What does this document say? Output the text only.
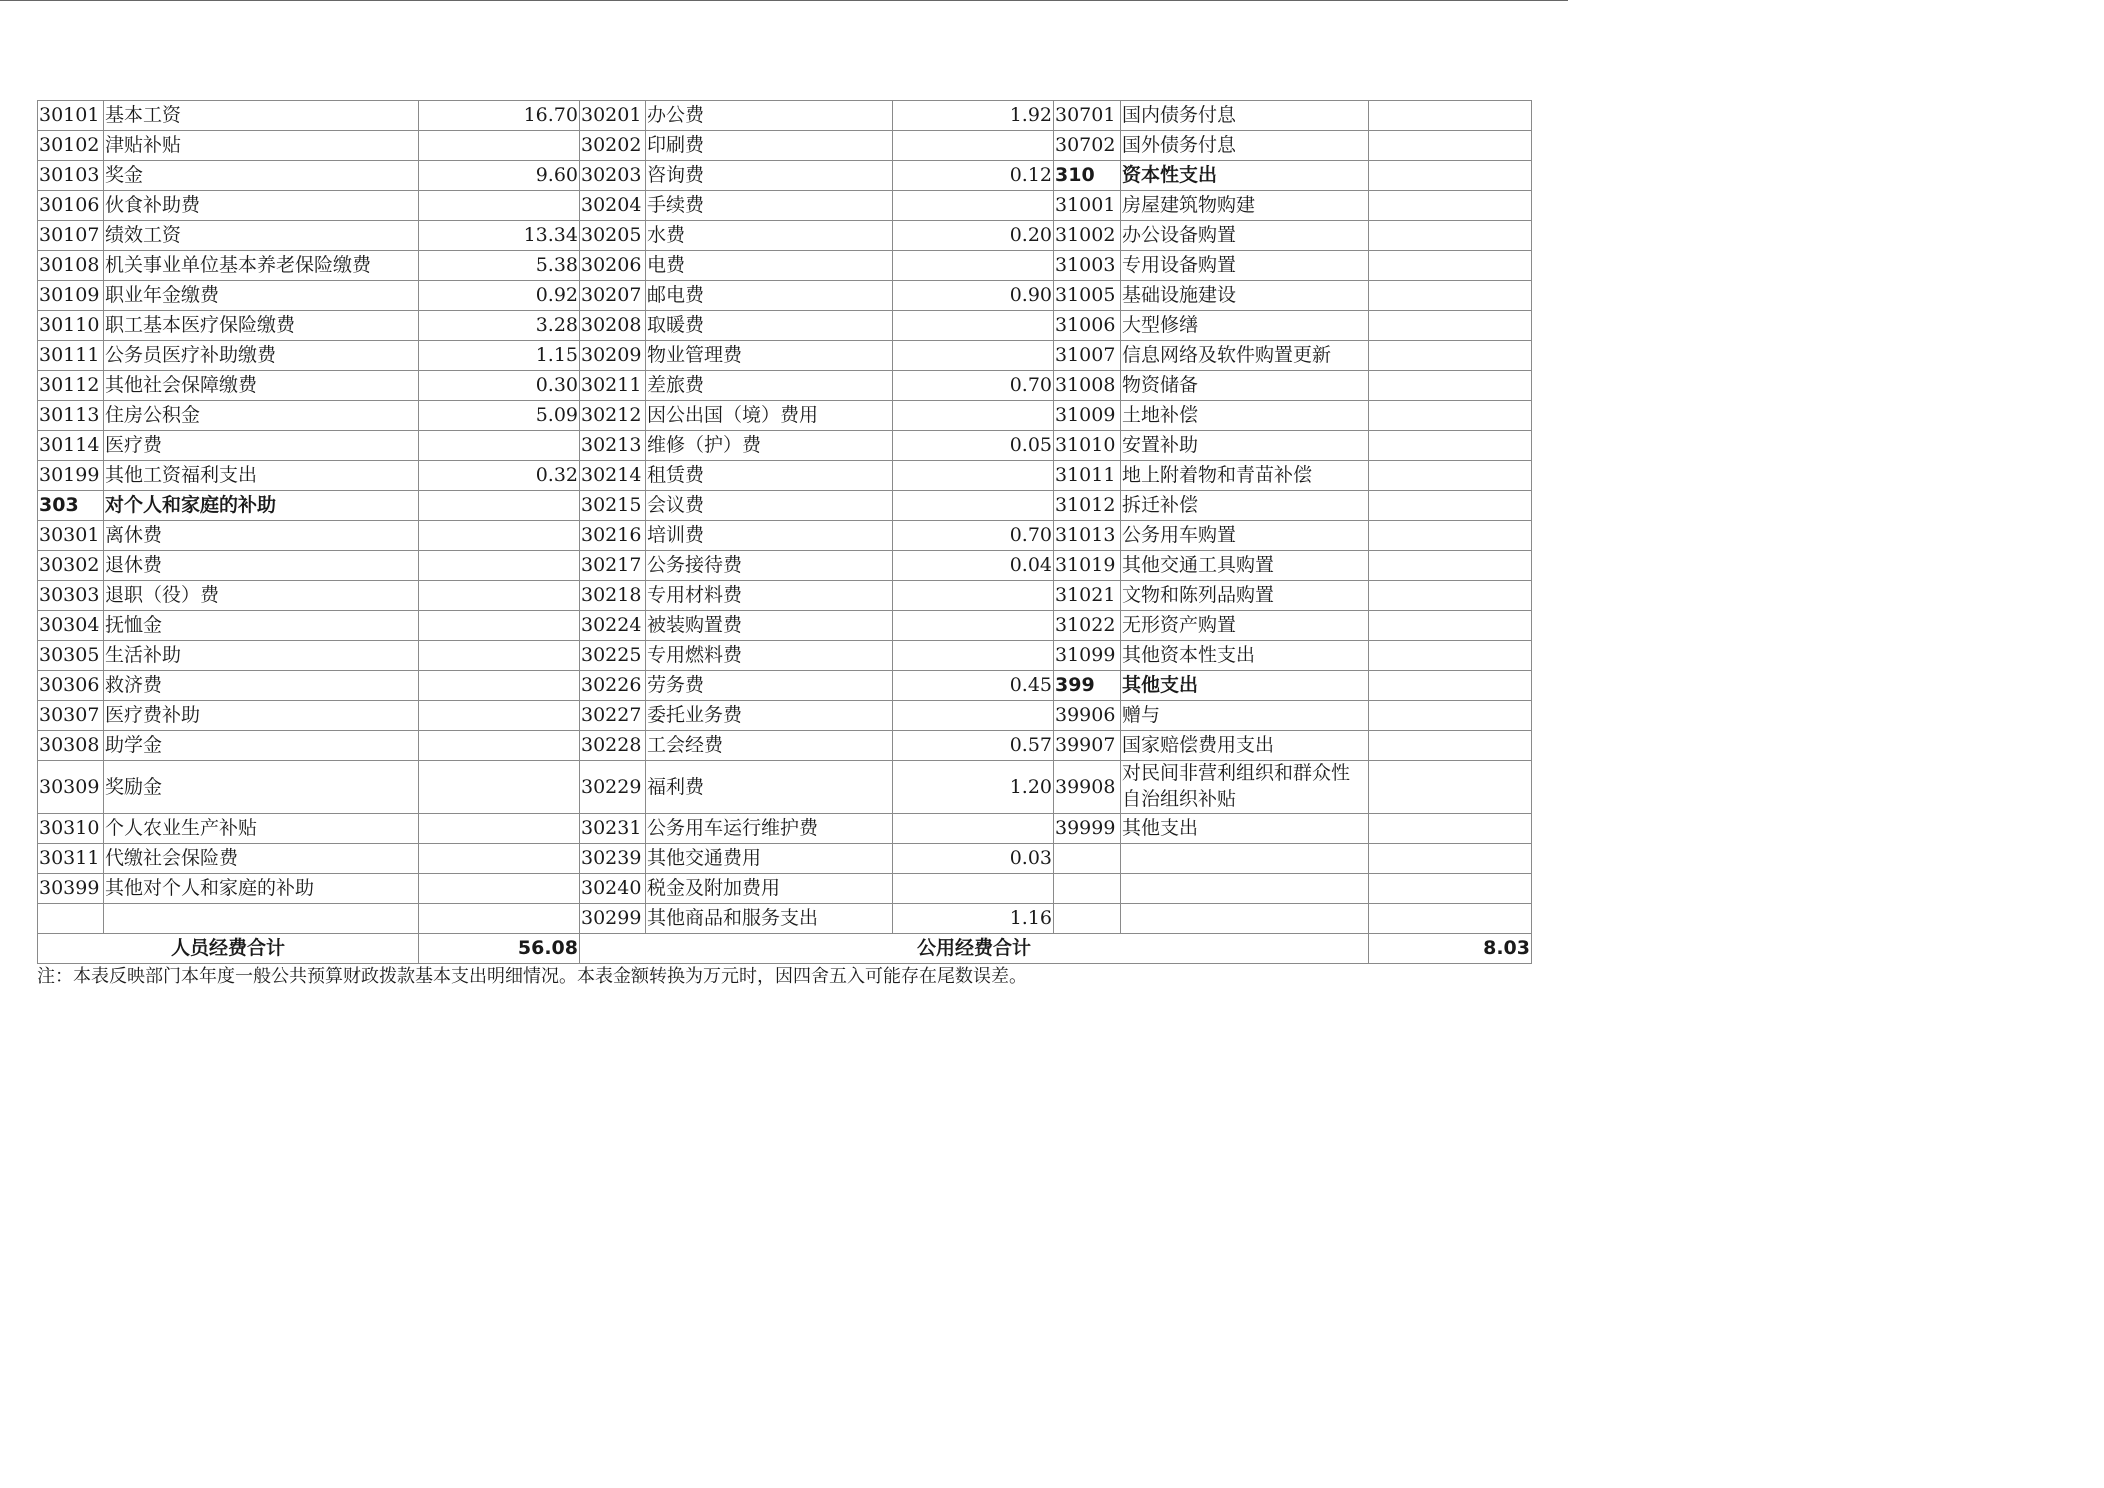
30101	基本工资	16.70	30201	办公费	1.92	30701	国内债务付息	
30102	津贴补贴		30202	印刷费		30702	国外债务付息	
30103	奖金	9.60	30203	咨询费	0.12	310	资本性支出	
30106	伙食补助费		30204	手续费		31001	房屋建筑物购建	
30107	绩效工资	13.34	30205	水费	0.20	31002	办公设备购置	
30108	机关事业单位基本养老保险缴费	5.38	30206	电费		31003	专用设备购置	
30109	职业年金缴费	0.92	30207	邮电费	0.90	31005	基础设施建设	
30110	职工基本医疗保险缴费	3.28	30208	取暖费		31006	大型修缮	
30111	公务员医疗补助缴费	1.15	30209	物业管理费		31007	信息网络及软件购置更新	
30112	其他社会保障缴费	0.30	30211	差旅费	0.70	31008	物资储备	
30113	住房公积金	5.09	30212	因公出国（境）费用		31009	土地补偿	
30114	医疗费		30213	维修（护）费	0.05	31010	安置补助	
30199	其他工资福利支出	0.32	30214	租赁费		31011	地上附着物和青苗补偿	
303	对个人和家庭的补助		30215	会议费		31012	拆迁补偿	
30301	离休费		30216	培训费	0.70	31013	公务用车购置	
30302	退休费		30217	公务接待费	0.04	31019	其他交通工具购置	
30303	退职（役）费		30218	专用材料费		31021	文物和陈列品购置	
30304	抚恤金		30224	被装购置费		31022	无形资产购置	
30305	生活补助		30225	专用燃料费		31099	其他资本性支出	
30306	救济费		30226	劳务费	0.45	399	其他支出	
30307	医疗费补助		30227	委托业务费		39906	赠与	
30308	助学金		30228	工会经费	0.57	39907	国家赔偿费用支出	
30309	奖励金		30229	福利费	1.20	39908	对民间非营利组织和群众性自治组织补贴	
30310	个人农业生产补贴		30231	公务用车运行维护费		39999	其他支出	
30311	代缴社会保险费		30239	其他交通费用	0.03			
30399	其他对个人和家庭的补助		30240	税金及附加费用				
			30299	其他商品和服务支出	1.16			
人员经费合计		56.08	公用经费合计					8.03
注：本表反映部门本年度一般公共预算财政拨款基本支出明细情况。本表金额转换为万元时，因四舍五入可能存在尾数误差。
